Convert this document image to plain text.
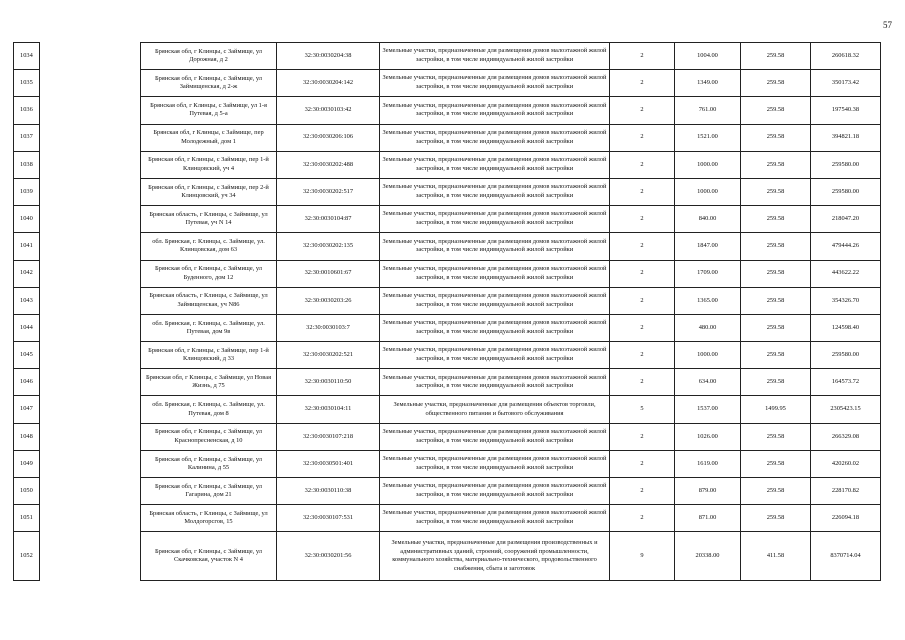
57
1034		Брянская обл, г Клинцы, с Займище, ул Дорожная, д 2	32:30:0030204:38	Земельные участки, предназначенные для размещения домов малоэтажной жилой застройки, в том числе индивидуальной жилой застройки	2	1004.00	259.58	260618.32
1035		Брянская обл, г Клинцы, с Займище, ул Займищенская, д 2-ж	32:30:0030204:142	Земельные участки, предназначенные для размещения домов малоэтажной жилой застройки, в том числе индивидуальной жилой застройки	2	1349.00	259.58	350173.42
1036		Брянская обл, г Клинцы, с Займище, ул 1-я Путевая, д 5-а	32:30:0030103:42	Земельные участки, предназначенные для размещения домов малоэтажной жилой застройки, в том числе индивидуальной жилой застройки	2	761.00	259.58	197540.38
1037		Брянская обл, г Клинцы, с Займище, пер Молодежный, дом 1	32:30:0030206:106	Земельные участки, предназначенные для размещения домов малоэтажной жилой застройки, в том числе индивидуальной жилой застройки	2	1521.00	259.58	394821.18
1038		Брянская обл, г Клинцы, с Займище, пер 1-й Клинцовский, уч 4	32:30:0030202:488	Земельные участки, предназначенные для размещения домов малоэтажной жилой застройки, в том числе индивидуальной жилой застройки	2	1000.00	259.58	259580.00
1039		Брянская обл, г Клинцы, с Займище, пер 2-й Клинцовский, уч 34	32:30:0030202:517	Земельные участки, предназначенные для размещения домов малоэтажной жилой застройки, в том числе индивидуальной жилой застройки	2	1000.00	259.58	259580.00
1040		Брянская область, г Клинцы, с Займище, ул Путевая, уч N 14	32:30:0030104:87	Земельные участки, предназначенные для размещения домов малоэтажной жилой застройки, в том числе индивидуальной жилой застройки	2	840.00	259.58	218047.20
1041		обл. Брянская, г. Клинцы, с. Займище, ул. Клинцовская, дом 63	32:30:0030202:135	Земельные участки, предназначенные для размещения домов малоэтажной жилой застройки, в том числе индивидуальной жилой застройки	2	1847.00	259.58	479444.26
1042		Брянская обл, г Клинцы, с Займище, ул Буденного, дом 12	32:30:0010601:67	Земельные участки, предназначенные для размещения домов малоэтажной жилой застройки, в том числе индивидуальной жилой застройки	2	1709.00	259.58	443622.22
1043		Брянская область, г Клинцы, с Займище, ул Займищенская, уч N86	32:30:0030203:26	Земельные участки, предназначенные для размещения домов малоэтажной жилой застройки, в том числе индивидуальной жилой застройки	2	1365.00	259.58	354326.70
1044		обл. Брянская, г. Клинцы, с. Займище, ул. Путевая, дом 9в	32:30:0030103:7	Земельные участки, предназначенные для размещения домов малоэтажной жилой застройки, в том числе индивидуальной жилой застройки	2	480.00	259.58	124598.40
1045		Брянская обл, г Клинцы, с Займище, пер 1-й Клинцовский, д 33	32:30:0030202:521	Земельные участки, предназначенные для размещения домов малоэтажной жилой застройки, в том числе индивидуальной жилой застройки	2	1000.00	259.58	259580.00
1046		Брянская обл, г Клинцы, с Займище, ул Новая Жизнь, д 75	32:30:0030110:50	Земельные участки, предназначенные для размещения домов малоэтажной жилой застройки, в том числе индивидуальной жилой застройки	2	634.00	259.58	164573.72
1047		обл. Брянская, г. Клинцы, с. Займище, ул. Путевая, дом 8	32:30:0030104:11	Земельные участки, предназначенные для размещения объектов торговли, общественного питания и бытового обслуживания	5	1537.00	1499.95	2305423.15
1048		Брянская обл, г Клинцы, с Займище, ул Краснопресненская, д 10	32:30:0030107:218	Земельные участки, предназначенные для размещения домов малоэтажной жилой застройки, в том числе индивидуальной жилой застройки	2	1026.00	259.58	266329.08
1049		Брянская обл, г Клинцы, с Займище, ул Калинина, д 55	32:30:0030501:401	Земельные участки, предназначенные для размещения домов малоэтажной жилой застройки, в том числе индивидуальной жилой застройки	2	1619.00	259.58	420260.02
1050		Брянская обл, г Клинцы, с Займище, ул Гагарина, дом 21	32:30:0030110:38	Земельные участки, предназначенные для размещения домов малоэтажной жилой застройки, в том числе индивидуальной жилой застройки	2	879.00	259.58	228170.82
1051		Брянская область, г Клинцы, с Займище, ул Молдогорсгов, 15	32:30:0030107:531	Земельные участки, предназначенные для размещения домов малоэтажной жилой застройки, в том числе индивидуальной жилой застройки	2	871.00	259.58	226094.18
1052		Брянская обл, г Клинцы, с Займище, ул Скачковская, участок N 4	32:30:0030201:56	Земельные участки, предназначенные для размещения производственных и административных зданий, строений, сооружений промышленности, коммунального хозяйства, материально-технического, продовольственного снабжения, сбыта и заготовок	9	20338.00	411.58	8370714.04
